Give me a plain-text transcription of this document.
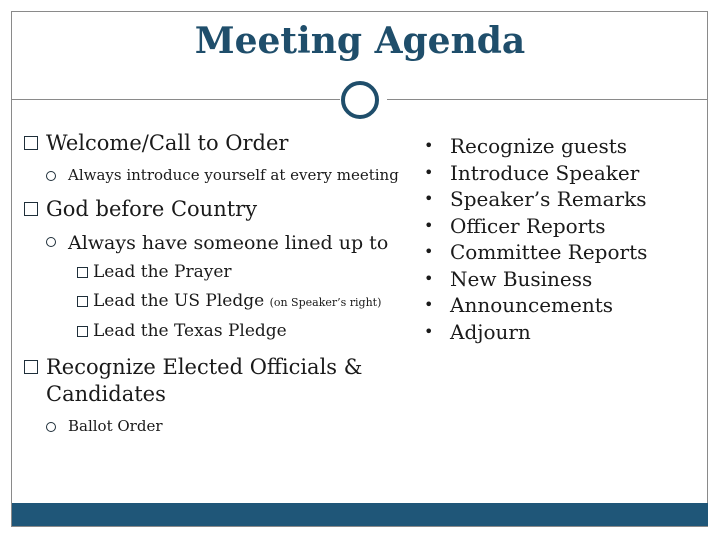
Meeting Agenda
Welcome/Call to Order
Always introduce yourself at every meeting
God before Country
Always have someone lined up to
Lead the Prayer
Lead the US Pledge (on Speaker’s right)
Lead the Texas Pledge
Recognize Elected Officials & Candidates
Ballot Order
• Recognize guests
• Introduce Speaker
• Speaker’s Remarks
• Officer Reports
• Committee Reports
• New Business
• Announcements
• Adjourn
